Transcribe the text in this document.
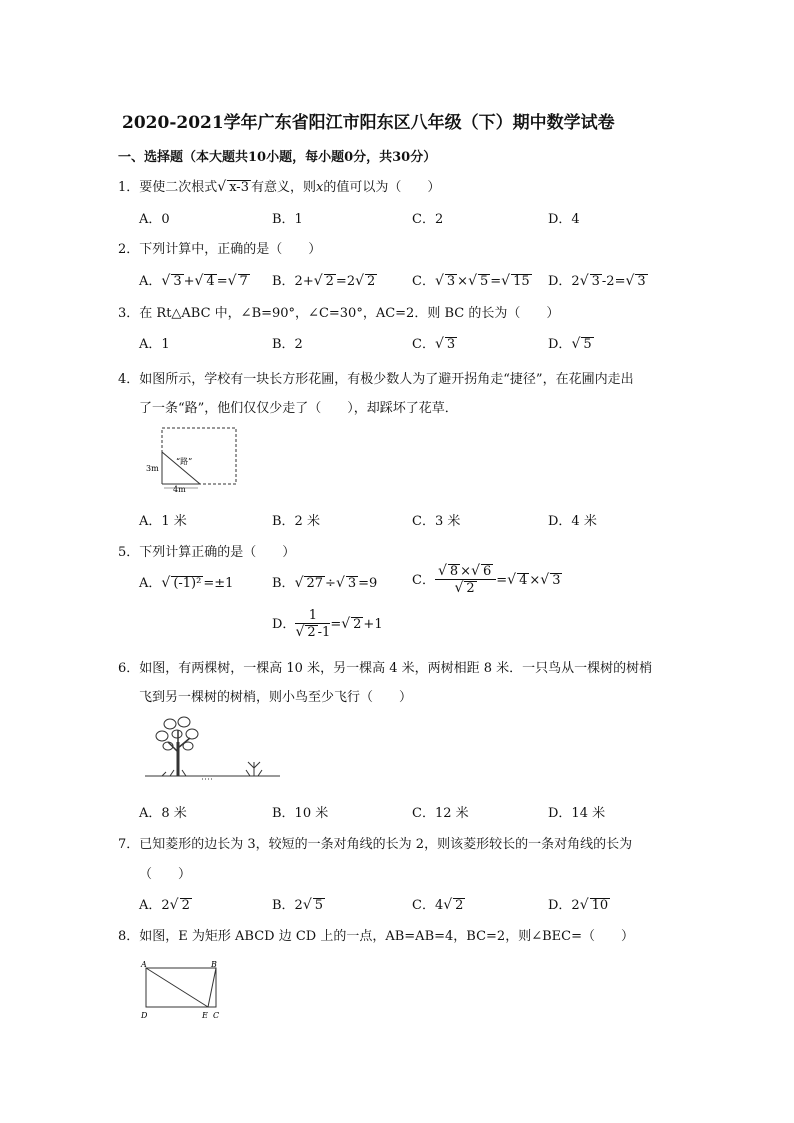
2020-2021学年广东省阳江市阳东区八年级（下）期中数学试卷
一、选择题（本大题共10小题，每小题0分，共30分）
1．要使二次根式√ x-3 有意义，则x的值可以为（　　）
A．0	B．1	C．2	D．4
2．下列计算中，正确的是（　　）
A．√ 3 +√ 4 =√ 7 B．2+√ 2 =2√ 2	C．√ 3 ×√ 5 =√ 15 D．2√ 3 -2=√ 3
3．在 Rt△ABC 中，∠B=90°，∠C=30°，AC=2．则 BC 的长为（　　）
A．1	B．2	C．√ 3	D．√ 5
4．如图所示，学校有一块长方形花圃，有极少数人为了避开拐角走“捷径”，在花圃内走出
了一条“路”，他们仅仅少走了（　　），却踩坏了花草．
“路”
3m
4m
A．1 米	B．2 米	C．3 米	D．4 米
5．下列计算正确的是（　　）
A．√ (-1)² =±1	B．√ 27 ÷√ 3 =9	C． $\frac{√ 8 \times√ 6}{√ 2}$ =√ 4 ×√ 3
D． $\frac{1}{√ 2 -1}$ =√ 2 +1
6．如图，有两棵树，一棵高 10 米，另一棵高 4 米，两树相距 8 米．一只鸟从一棵树的树梢
飞到另一棵树的树梢，则小鸟至少飞行（　　）
A．8 米	B．10 米	C．12 米	D．14 米
7．已知菱形的边长为 3，较短的一条对角线的长为 2，则该菱形较长的一条对角线的长为
（　　）
A．2√ 2	B．2√ 5	C．4√ 2	D．2√ 10
8．如图，E 为矩形 ABCD 边 CD 上的一点，AB=AB=4，BC=2，则∠BEC=（　　）
A	B
D	E C
